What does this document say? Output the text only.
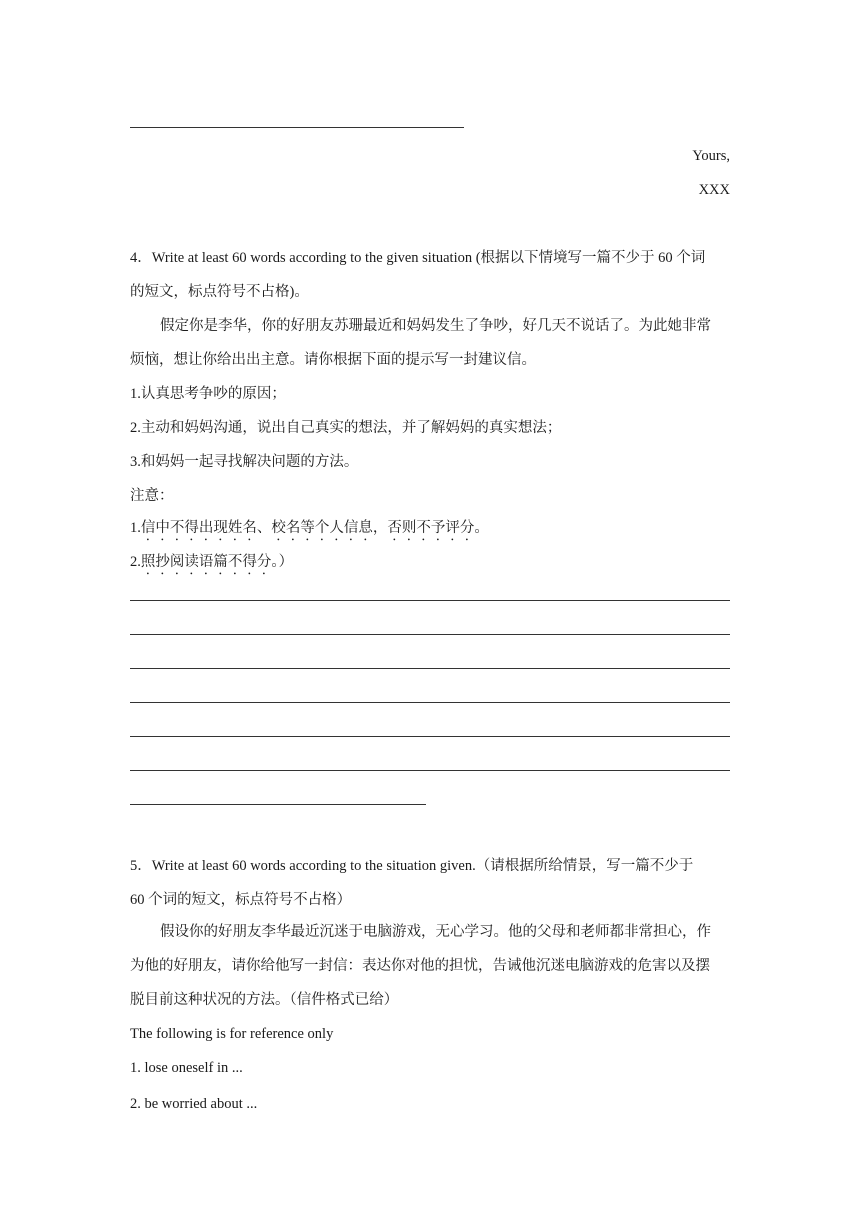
Yours,
XXX
4．Write at least 60 words according to the given situation (根据以下情境写一篇不少于 60 个词
的短文，标点符号不占格)。
假定你是李华，你的好朋友苏珊最近和妈妈发生了争吵，好几天不说话了。为此她非常
烦恼，想让你给出出主意。请你根据下面的提示写一封建议信。
1.认真思考争吵的原因；
2.主动和妈妈沟通，说出自己真实的想法，并了解妈妈的真实想法；
3.和妈妈一起寻找解决问题的方法。
注意：
1.信中不得出现姓名、校名等个人信息，否则不予评分。
2.照抄阅读语篇不得分。）
5．Write at least 60 words according to the situation given.（请根据所给情景，写一篇不少于
60 个词的短文，标点符号不占格）
假设你的好朋友李华最近沉迷于电脑游戏，无心学习。他的父母和老师都非常担心，作
为他的好朋友，请你给他写一封信：表达你对他的担忧，告诫他沉迷电脑游戏的危害以及摆
脱目前这种状况的方法。（信件格式已给）
The following is for reference only
1. lose oneself in ...
2. be worried about ...
